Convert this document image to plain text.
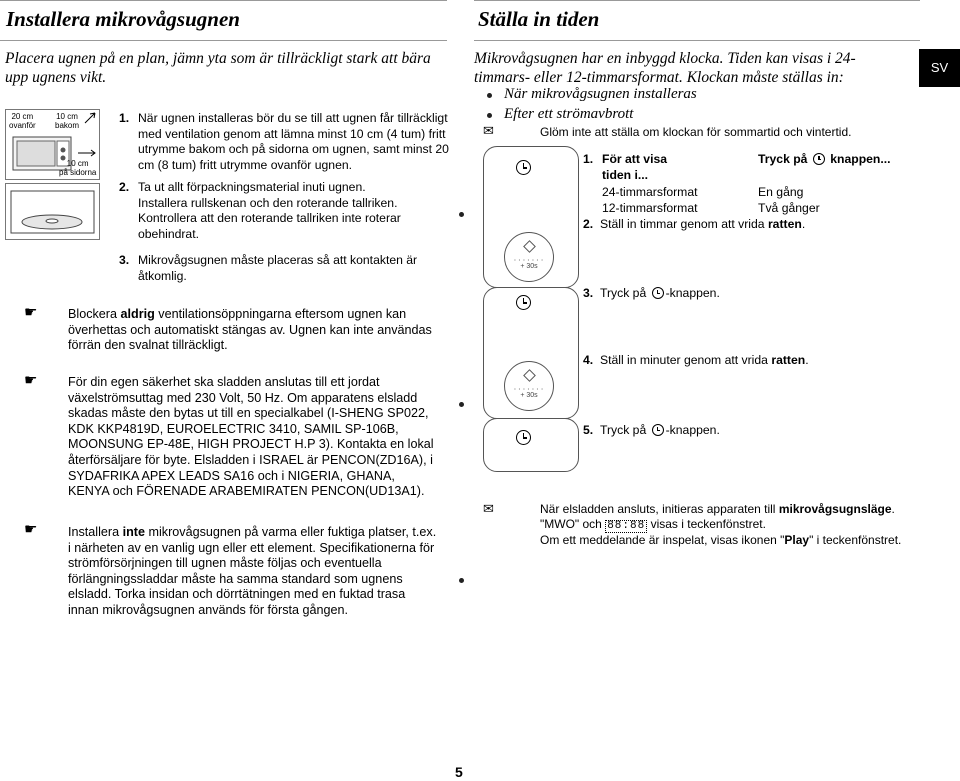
Installera mikrovågsugnen	Ställa in tiden
Placera ugnen på en plan, jämn yta som är tillräckligt stark att bära
upp ugnens vikt.
20 cm
ovanför
10 cm
bakom
10 cm
på sidorna
1. När ugnen installeras bör du se till att ugnen får tillräckligt
med ventilation genom att lämna minst 10 cm (4 tum) fritt
utrymme bakom och på sidorna om ugnen, samt minst 20
cm (8 tum) fritt utrymme ovanför ugnen.
2. Ta ut allt förpackningsmaterial inuti ugnen.
Installera rullskenan och den roterande tallriken.
Kontrollera att den roterande tallriken inte roterar
obehindrat.
3. Mikrovågsugnen måste placeras så att kontakten är
åtkomlig.
☛	Blockera aldrig ventilationsöppningarna eftersom ugnen kan
överhettas och automatiskt stängas av. Ugnen kan inte användas
förrän den svalnat tillräckligt.
☛	För din egen säkerhet ska sladden anslutas till ett jordat
växelströmsuttag med 230 Volt, 50 Hz. Om apparatens elsladd
skadas måste den bytas ut till en specialkabel (I-SHENG SP022,
KDK KKP4819D, EUROELECTRIC 3410, SAMIL SP-106B,
MOONSUNG EP-48E, HIGH PROJECT H.P 3). Kontakta en lokal
återförsäljare för byte. Elsladden i ISRAEL är PENCON(ZD16A), i
SYDAFRIKA APEX LEADS SA16 och i NIGERIA, GHANA,
KENYA och FÖRENADE ARABEMIRATEN PENCON(UD13A1).
☛	Installera inte mikrovågsugnen på varma eller fuktiga platser, t.ex.
i närheten av en vanlig ugn eller ett element. Specifikationerna för
strömförsörjningen till ugnen måste följas och eventuella
förlängningssladdar måste ha samma standard som ugnens
elsladd. Torka insidan och dörrtätningen med en fuktad trasa
innan mikrovågsugnen används för första gången.
Mikrovågsugnen har en inbyggd klocka. Tiden kan visas i 24-
timmars- eller 12-timmarsformat. Klockan måste ställas in:
När mikrovågsugnen installeras
Efter ett strömavbrott
✉	Glöm inte att ställa om klockan för sommartid och vintertid.
SV
• • • • • • •
+ 30s
• • • • • • •
+ 30s
1. För att visa
tiden i...
Tryck på knappen...
24-timmarsformat	En gång
12-timmarsformat	Två gånger
2. Ställ in timmar genom att vrida ratten.
3. Tryck på -knappen.
4. Ställ in minuter genom att vrida ratten.
5. Tryck på -knappen.
✉	När elsladden ansluts, initieras apparaten till mikrovågsugnsläge.
"MWO" och 88:88 visas i teckenfönstret.
Om ett meddelande är inspelat, visas ikonen "Play" i teckenfönstret.
5
